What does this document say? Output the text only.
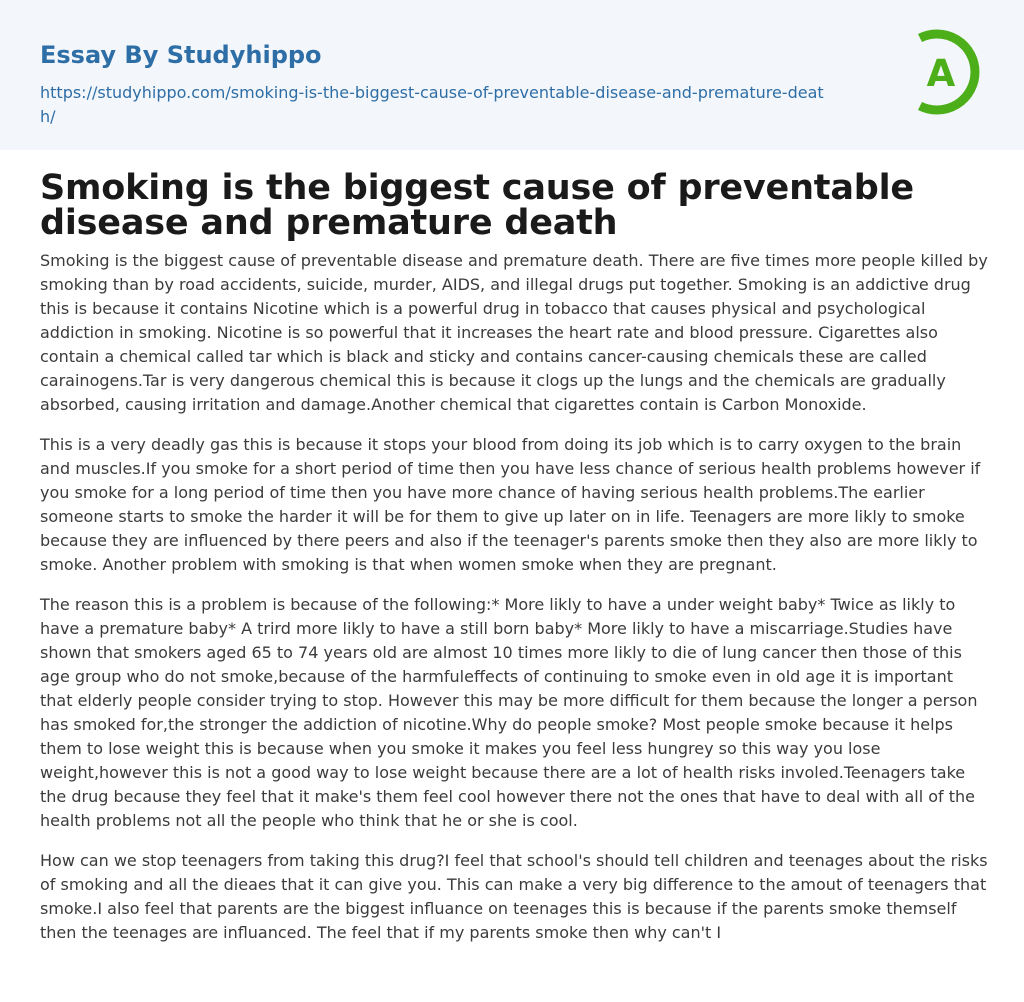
Essay By Studyhippo
https://studyhippo.com/smoking-is-the-biggest-cause-of-preventable-disease-and-premature-death/
A
Smoking is the biggest cause of preventable disease and premature death

Smoking is the biggest cause of preventable disease and premature death. There are five times more people killed by smoking than by road accidents, suicide, murder, AIDS, and illegal drugs put together. Smoking is an addictive drug this is because it contains Nicotine which is a powerful drug in tobacco that causes physical and psychological addiction in smoking. Nicotine is so powerful that it increases the heart rate and blood pressure. Cigarettes also contain a chemical called tar which is black and sticky and contains cancer-causing chemicals these are called carainogens.Tar is very dangerous chemical this is because it clogs up the lungs and the chemicals are gradually absorbed, causing irritation and damage.Another chemical that cigarettes contain is Carbon Monoxide.

This is a very deadly gas this is because it stops your blood from doing its job which is to carry oxygen to the brain and muscles.If you smoke for a short period of time then you have less chance of serious health problems however if you smoke for a long period of time then you have more chance of having serious health problems.The earlier someone starts to smoke the harder it will be for them to give up later on in life. Teenagers are more likly to smoke because they are influenced by there peers and also if the teenager's parents smoke then they also are more likly to smoke. Another problem with smoking is that when women smoke when they are pregnant.

The reason this is a problem is because of the following:* More likly to have a under weight baby* Twice as likly to have a premature baby* A trird more likly to have a still born baby* More likly to have a miscarriage.Studies have shown that smokers aged 65 to 74 years old are almost 10 times more likly to die of lung cancer then those of this age group who do not smoke,because of the harmfuleffects of continuing to smoke even in old age it is important that elderly people consider trying to stop. However this may be more difficult for them because the longer a person has smoked for,the stronger the addiction of nicotine.Why do people smoke? Most people smoke because it helps them to lose weight this is because when you smoke it makes you feel less hungrey so this way you lose weight,however this is not a good way to lose weight because there are a lot of health risks involed.Teenagers take the drug because they feel that it make's them feel cool however there not the ones that have to deal with all of the health problems not all the people who think that he or she is cool.

How can we stop teenagers from taking this drug?I feel that school's should tell children and teenages about the risks of smoking and all the dieaes that it can give you. This can make a very big difference to the amout of teenagers that smoke.I also feel that parents are the biggest influance on teenages this is because if the parents smoke themself then the teenages are influanced. The feel that if my parents smoke then why can't I
